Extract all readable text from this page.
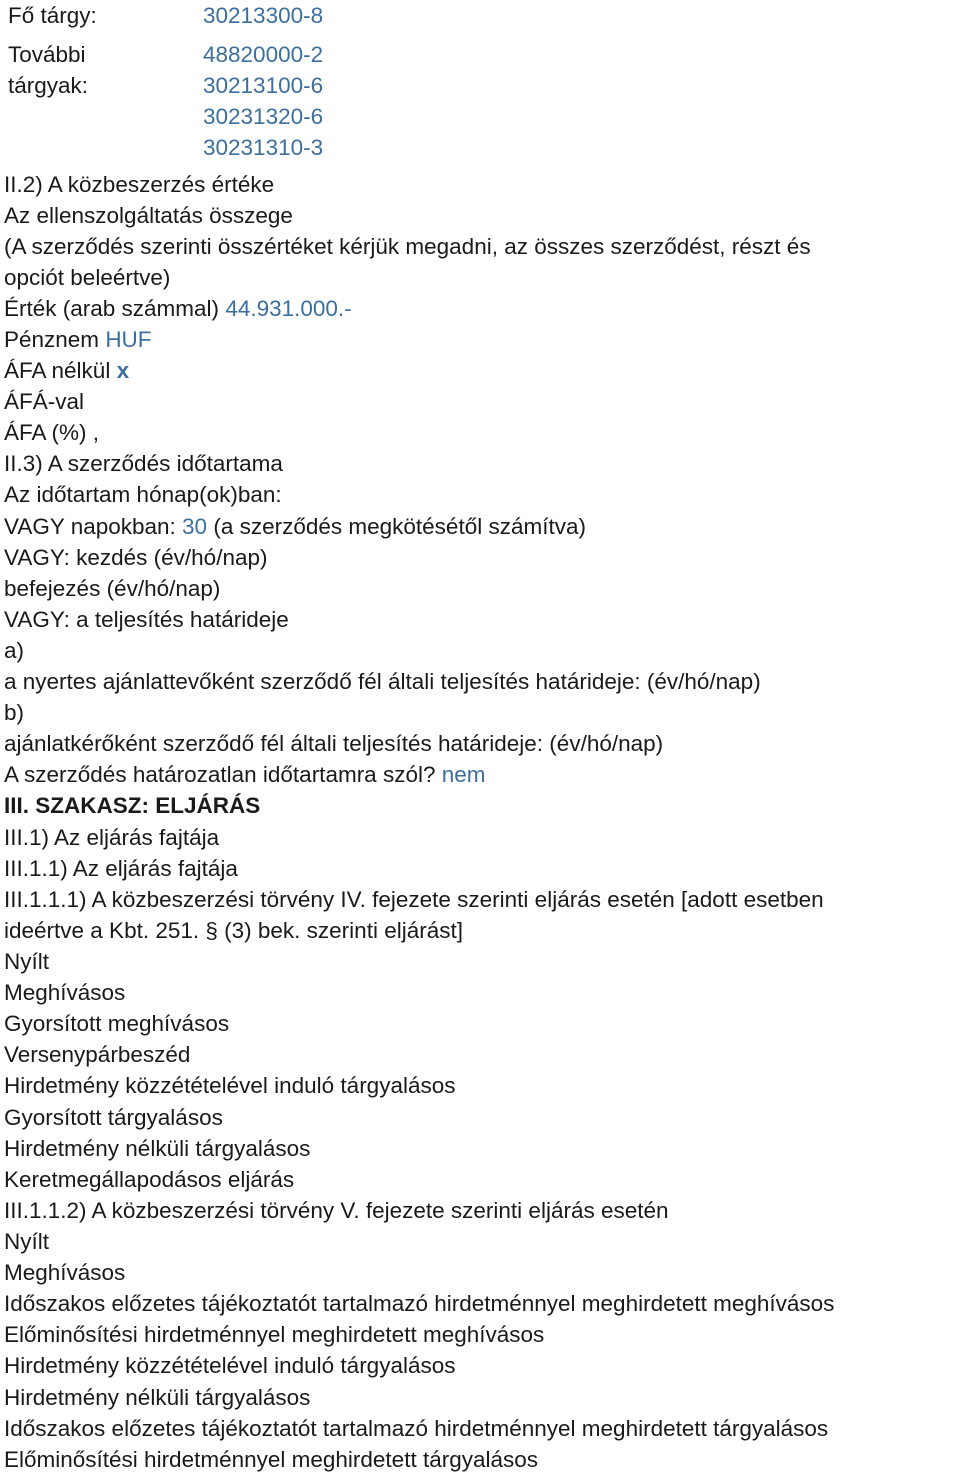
Fő tárgy:	30213300-8
További
tárgyak:
48820000-2
30213100-6
30231320-6
30231310-3
II.2) A közbeszerzés értéke
Az ellenszolgáltatás összege
(A szerződés szerinti összértéket kérjük megadni, az összes szerződést, részt és
opciót beleértve)
Érték (arab számmal) 44.931.000.-
Pénznem HUF
ÁFA nélkül x
ÁFÁ-val
ÁFA (%) ,
II.3) A szerződés időtartama
Az időtartam hónap(ok)ban:
VAGY napokban: 30 (a szerződés megkötésétől számítva)
VAGY: kezdés (év/hó/nap)
befejezés (év/hó/nap)
VAGY: a teljesítés határideje
a)
a nyertes ajánlattevőként szerződő fél általi teljesítés határideje: (év/hó/nap)
b)
ajánlatkérőként szerződő fél általi teljesítés határideje: (év/hó/nap)
A szerződés határozatlan időtartamra szól? nem
III. SZAKASZ: ELJÁRÁS
III.1) Az eljárás fajtája
III.1.1) Az eljárás fajtája
III.1.1.1) A közbeszerzési törvény IV. fejezete szerinti eljárás esetén [adott esetben
ideértve a Kbt. 251. § (3) bek. szerinti eljárást]
Nyílt
Meghívásos
Gyorsított meghívásos
Versenypárbeszéd
Hirdetmény közzétételével induló tárgyalásos
Gyorsított tárgyalásos
Hirdetmény nélküli tárgyalásos
Keretmegállapodásos eljárás
III.1.1.2) A közbeszerzési törvény V. fejezete szerinti eljárás esetén
Nyílt
Meghívásos
Időszakos előzetes tájékoztatót tartalmazó hirdetménnyel meghirdetett meghívásos
Előminősítési hirdetménnyel meghirdetett meghívásos
Hirdetmény közzétételével induló tárgyalásos
Hirdetmény nélküli tárgyalásos
Időszakos előzetes tájékoztatót tartalmazó hirdetménnyel meghirdetett tárgyalásos
Előminősítési hirdetménnyel meghirdetett tárgyalásos
